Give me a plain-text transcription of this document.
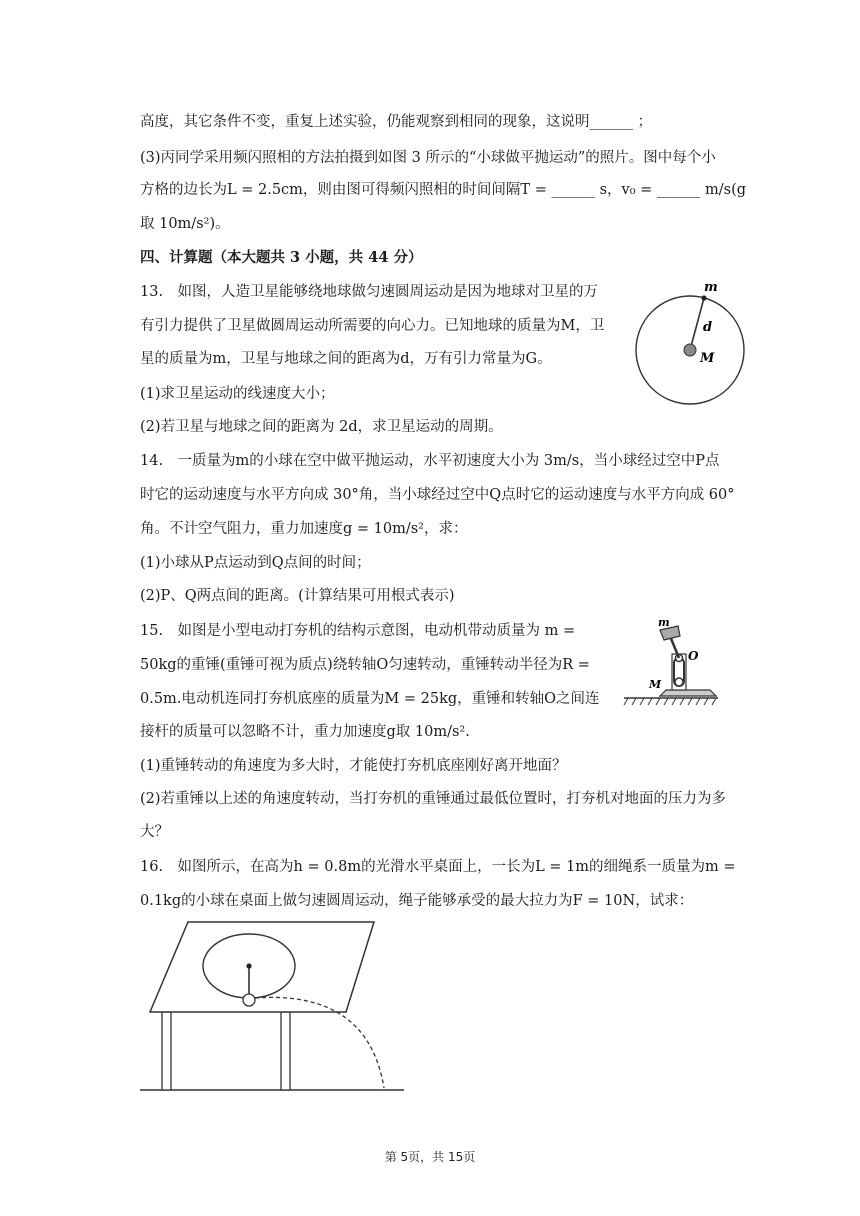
高度，其它条件不变，重复上述实验，仍能观察到相同的现象，这说明______ ；
(3)丙同学采用频闪照相的方法拍摄到如图 3 所示的“小球做平抛运动”的照片。图中每个小
方格的边长为L = 2.5cm，则由图可得频闪照相的时间间隔T = ______ s，v₀ = ______ m/s(g
取 10m/s²)。
四、计算题（本大题共 3 小题，共 44 分）
13.　如图，人造卫星能够绕地球做匀速圆周运动是因为地球对卫星的万
有引力提供了卫星做圆周运动所需要的向心力。已知地球的质量为M，卫
星的质量为m，卫星与地球之间的距离为d，万有引力常量为G。
(1)求卫星运动的线速度大小；
(2)若卫星与地球之间的距离为 2d，求卫星运动的周期。
14.　一质量为m的小球在空中做平抛运动，水平初速度大小为 3m/s，当小球经过空中P点
时它的运动速度与水平方向成 30°角，当小球经过空中Q点时它的运动速度与水平方向成 60°
角。不计空气阻力，重力加速度g = 10m/s²，求：
(1)小球从P点运动到Q点间的时间；
(2)P、Q两点间的距离。(计算结果可用根式表示)
15.　如图是小型电动打夯机的结构示意图，电动机带动质量为 m =
50kg的重锤(重锤可视为质点)绕转轴O匀速转动，重锤转动半径为R =
0.5m.电动机连同打夯机底座的质量为M = 25kg，重锤和转轴O之间连
接杆的质量可以忽略不计，重力加速度g取 10m/s².
(1)重锤转动的角速度为多大时，才能使打夯机底座刚好离开地面？
(2)若重锤以上述的角速度转动，当打夯机的重锤通过最低位置时，打夯机对地面的压力为多
大？
16.　如图所示，在高为h = 0.8m的光滑水平桌面上，一长为L = 1m的细绳系一质量为m =
0.1kg的小球在桌面上做匀速圆周运动，绳子能够承受的最大拉力为F = 10N，试求：
m
d
M
m
O
M
第 5页，共 15页
